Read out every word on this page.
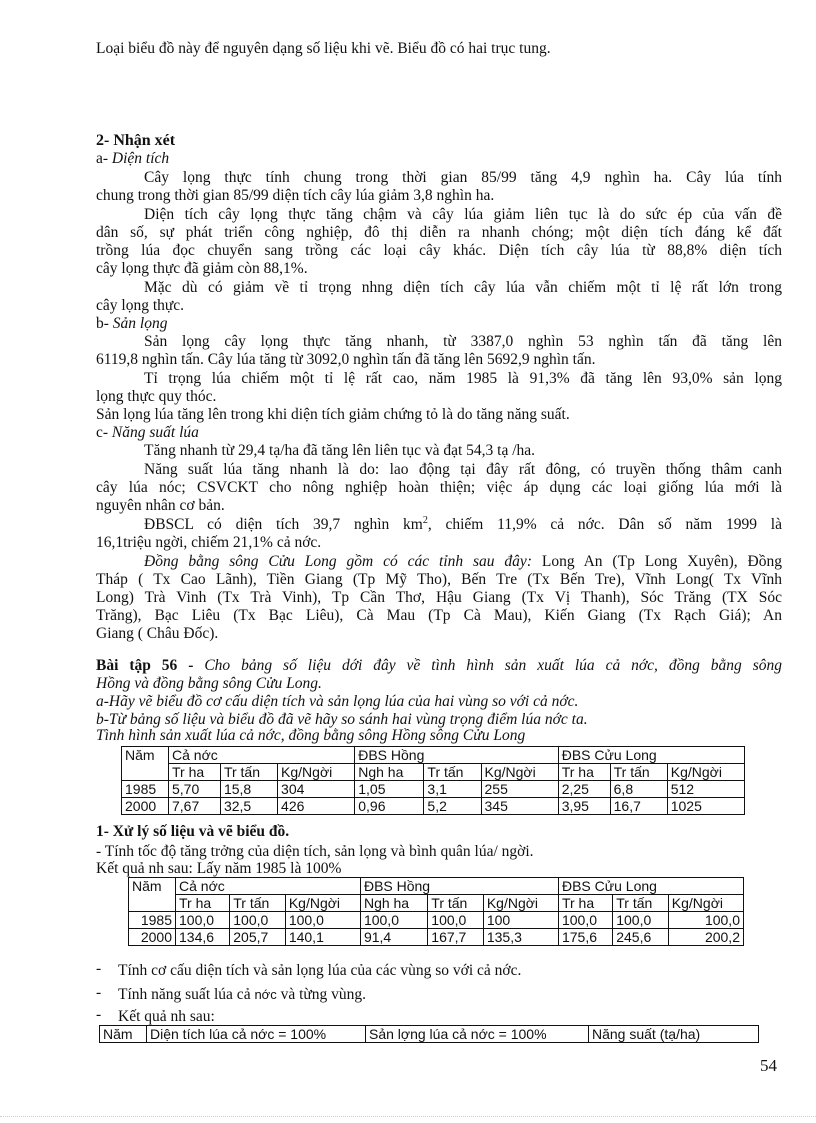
Loại biểu đồ này để nguyên dạng số liệu khi vẽ. Biểu đồ có hai trục tung.
2- Nhận xét
a- Diện tích
Cây lọng thực tính chung trong thời gian 85/99 tăng 4,9 nghìn ha. Cây lúa tính
chung trong thời gian 85/99 diện tích cây lúa giảm 3,8 nghìn ha.
Diện tích cây lọng thực tăng chậm và cây lúa giảm liên tục là do sức ép của vấn đề
dân số, sự phát triển công nghiệp, đô thị diễn ra nhanh chóng; một diện tích đáng kể đất
trồng lúa đọc chuyển sang trồng các loại cây khác. Diện tích cây lúa từ 88,8% diện tích
cây lọng thực đã giảm còn 88,1%.
Mặc dù có giảm về tỉ trọng nhng diện tích cây lúa vẫn chiếm một tỉ lệ rất lớn trong
cây lọng thực.
b- Sản lọng
Sản lọng cây lọng thực tăng nhanh, từ 3387,0 nghìn 53 nghìn tấn đã tăng lên
6119,8 nghìn tấn. Cây lúa tăng từ 3092,0 nghìn tấn đã tăng lên 5692,9 nghìn tấn.
Tỉ trọng lúa chiếm một tỉ lệ rất cao, năm 1985 là 91,3% đã tăng lên 93,0% sản lọng
lọng thực quy thóc.
Sản lọng lúa tăng lên trong khi diện tích giảm chứng tỏ là do tăng năng suất.
c- Năng suất lúa
Tăng nhanh từ 29,4 tạ/ha đã tăng lên liên tục và đạt 54,3 tạ /ha.
Năng suất lúa tăng nhanh là do: lao động tại đây rất đông, có truyền thống thâm canh
cây lúa nóc; CSVCKT cho nông nghiệp hoàn thiện; việc áp dụng các loại giống lúa mới là
nguyên nhân cơ bản.
ĐBSCL có diện tích 39,7 nghìn $km^2$, chiếm 11,9% cả nớc. Dân số năm 1999 là
16,1triệu ngời, chiếm 21,1% cả nớc.
Đồng bằng sông Cửu Long gồm có các tỉnh sau đây: Long An (Tp Long Xuyên), Đồng
Tháp ( Tx Cao Lãnh), Tiền Giang (Tp Mỹ Tho), Bến Tre (Tx Bến Tre), Vĩnh Long( Tx Vĩnh
Long) Trà Vinh (Tx Trà Vinh), Tp Cần Thơ, Hậu Giang (Tx Vị Thanh), Sóc Trăng (TX Sóc
Trăng), Bạc Liêu (Tx Bạc Liêu), Cà Mau (Tp Cà Mau), Kiến Giang (Tx Rạch Giá); An
Giang ( Châu Đốc).
Bài tập 56 - Cho bảng số liệu dới đây về tình hình sản xuất lúa cả nớc, đồng bằng sông
Hồng và đồng bằng sông Cửu Long.
a-Hãy vẽ biểu đồ cơ cấu diện tích và sản lọng lúa của hai vùng so với cả nớc.
b-Từ bảng số liệu và biểu đồ đã vẽ hãy so sánh hai vùng trọng điểm lúa nớc ta.
Tình hình sản xuất lúa cả nớc, đồng bằng sông Hồng sông Cửu Long
Năm	Cả nớc			ĐBS Hồng			ĐBS Cửu Long		
	Tr ha	Tr tấn	Kg/Ngời	Ngh ha	Tr tấn	Kg/Ngời	Tr ha	Tr tấn	Kg/Ngời
1985	5,70	15,8	304	1,05	3,1	255	2,25	6,8	512
2000	7,67	32,5	426	0,96	5,2	345	3,95	16,7	1025
1- Xử lý số liệu và vẽ biểu đồ.
- Tính tốc độ tăng trởng của diện tích, sản lọng và bình quân lúa/ ngời.
Kết quả nh sau: Lấy năm 1985 là 100%
Năm	Cả nớc			ĐBS Hồng			ĐBS Cửu Long		
	Tr ha	Tr tấn	Kg/Ngời	Ngh ha	Tr tấn	Kg/Ngời	Tr ha	Tr tấn	Kg/Ngời
1985	100,0	100,0	100,0	100,0	100,0	100	100,0	100,0	100,0
2000	134,6	205,7	140,1	91,4	167,7	135,3	175,6	245,6	200,2
- Tính cơ cấu diện tích và sản lọng lúa của các vùng so với cả nớc.
- Tính năng suất lúa cả nớc và từng vùng.
- Kết quả nh sau:
Năm	Diện tích lúa cả nớc = 100%	Sản lợng lúa cả nớc = 100%	Năng suất (tạ/ha)
54
